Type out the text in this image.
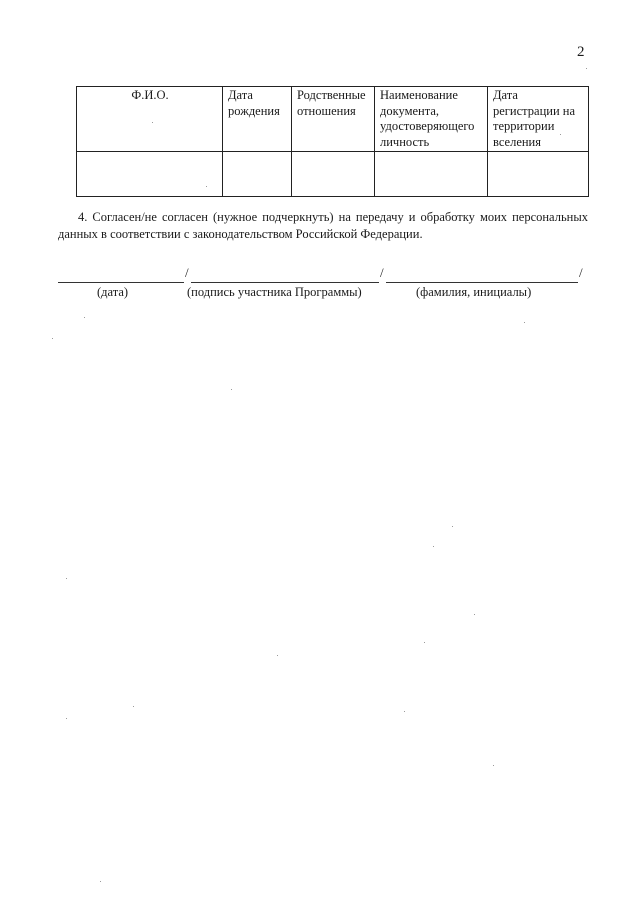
2
Ф.И.О.	Дата рождения	Родственные отношения	Наименование документа, удостоверяющего личность	Дата регистрации на территории вселения

4. Согласен/не согласен (нужное подчеркнуть) на передачу и обработку моих персональных данных в соответствии с законодательством Российской Федерации.

/	/	/
(дата)	(подпись участника Программы)	(фамилия, инициалы)
